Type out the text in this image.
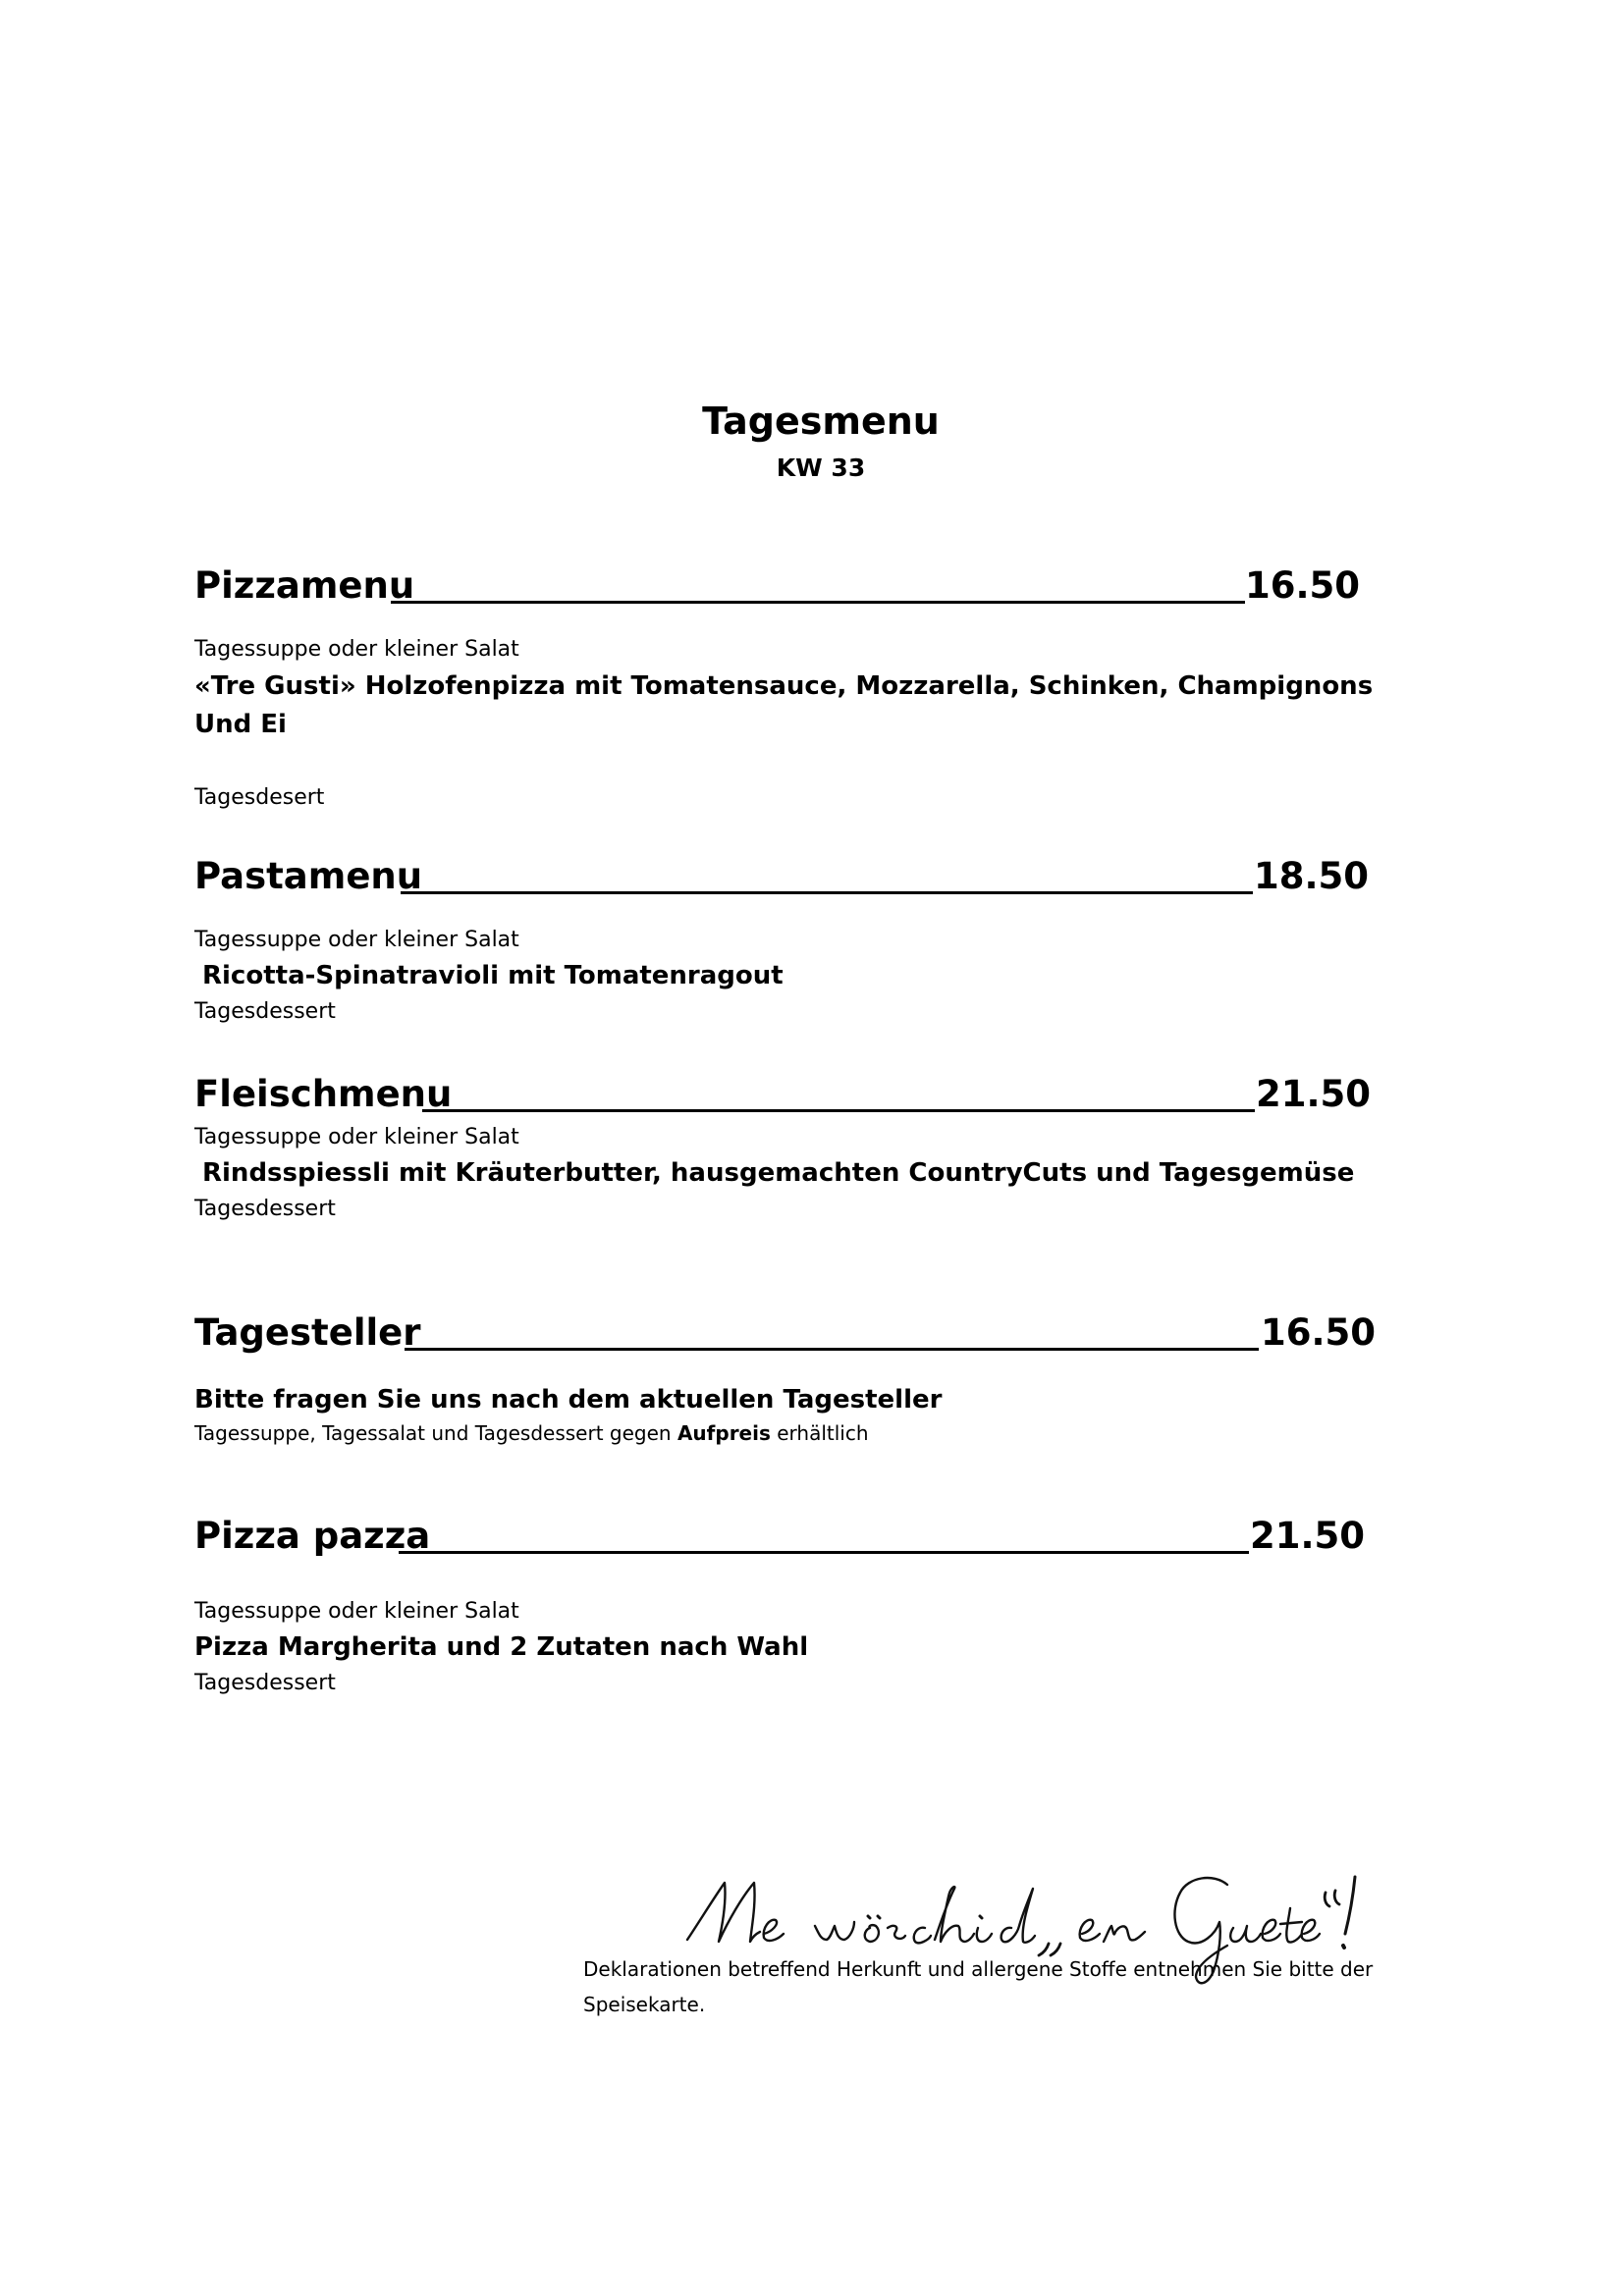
Tagesmenu
KW 33
Pizzamenu	16.50
Tagessuppe oder kleiner Salat
«Tre Gusti» Holzofenpizza mit Tomatensauce, Mozzarella, Schinken, Champignons
Und Ei
Tagesdesert
Pastamenu	18.50
Tagessuppe oder kleiner Salat
Ricotta-Spinatravioli mit Tomatenragout
Tagesdessert
Fleischmenu	21.50
Tagessuppe oder kleiner Salat
Rindsspiessli mit Kräuterbutter, hausgemachten CountryCuts und Tagesgemüse
Tagesdessert
Tagesteller	16.50
Bitte fragen Sie uns nach dem aktuellen Tagesteller
Tagessuppe, Tagessalat und Tagesdessert gegen Aufpreis erhältlich
Pizza pazza	21.50
Tagessuppe oder kleiner Salat
Pizza Margherita und 2 Zutaten nach Wahl
Tagesdessert
Deklarationen betreffend Herkunft und allergene Stoffe entnehmen Sie bitte der
Speisekarte.
